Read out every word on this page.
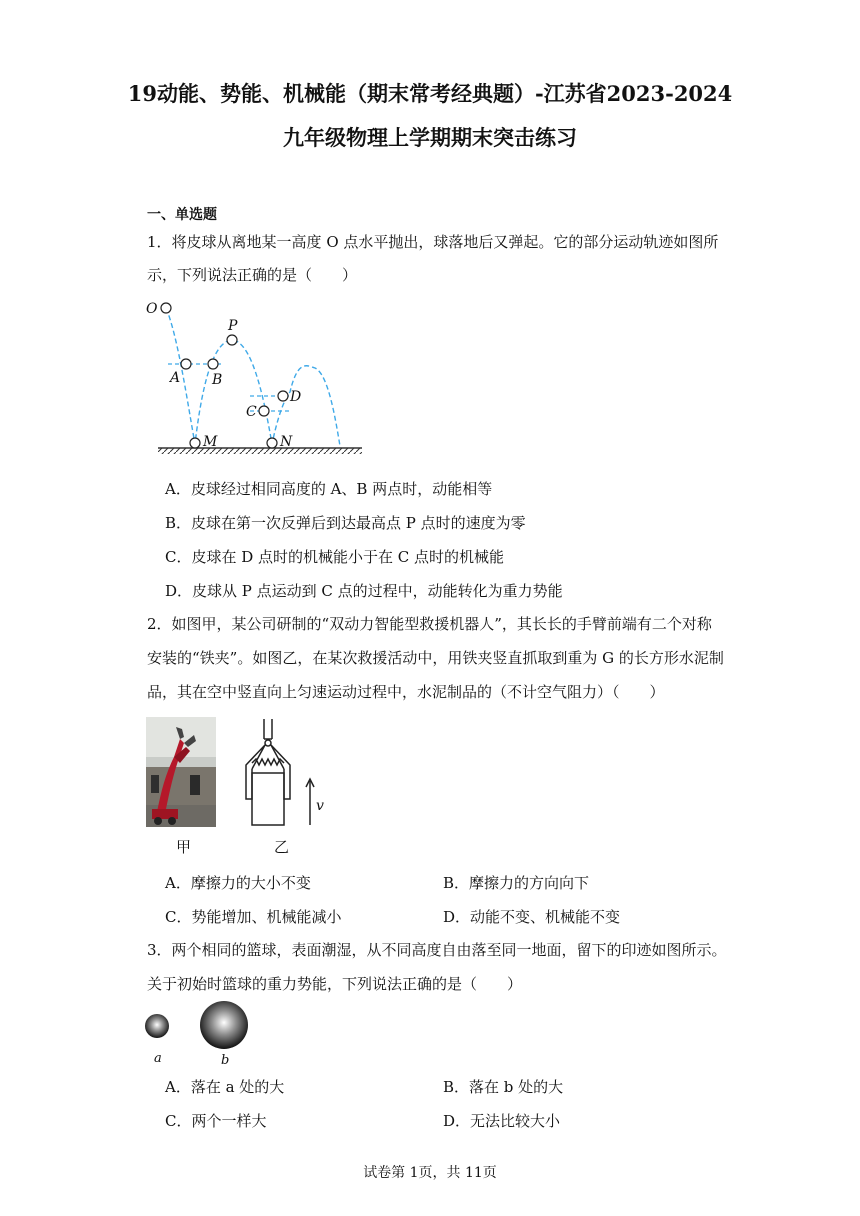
19动能、势能、机械能（期末常考经典题）-江苏省2023-2024
九年级物理上学期期末突击练习
一、单选题
1．将皮球从离地某一高度 O 点水平抛出，球落地后又弹起。它的部分运动轨迹如图所
示，下列说法正确的是（　　）
O
P
A B
D
C
M	N
A．皮球经过相同高度的 A、B 两点时，动能相等
B．皮球在第一次反弹后到达最高点 P 点时的速度为零
C．皮球在 D 点时的机械能小于在 C 点时的机械能
D．皮球从 P 点运动到 C 点的过程中，动能转化为重力势能
2．如图甲，某公司研制的“双动力智能型救援机器人”，其长长的手臂前端有二个对称
安装的“铁夹”。如图乙，在某次救援活动中，用铁夹竖直抓取到重为 G 的长方形水泥制
品，其在空中竖直向上匀速运动过程中，水泥制品的（不计空气阻力）（　　）
v
甲	乙
A．摩擦力的大小不变	B．摩擦力的方向向下
C．势能增加、机械能减小	D．动能不变、机械能不变
3．两个相同的篮球，表面潮湿，从不同高度自由落至同一地面，留下的印迹如图所示。
关于初始时篮球的重力势能，下列说法正确的是（　　）
a	b
A．落在 a 处的大	B．落在 b 处的大
C．两个一样大	D．无法比较大小
试卷第 1页，共 11页
